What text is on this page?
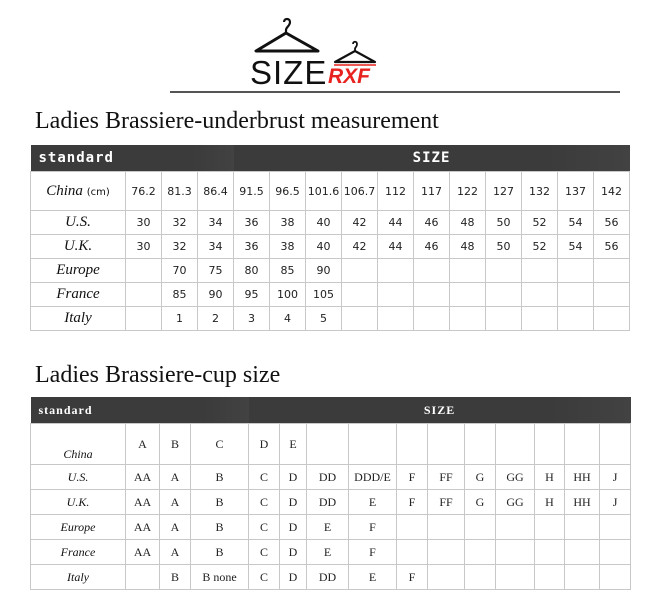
SIZE RXF
Ladies Brassiere-underbrust measurement
standard				SIZE										
China (cm)	76.2	81.3	86.4	91.5	96.5	101.6	106.7	112	117	122	127	132	137	142
U.S.	30	32	34	36	38	40	42	44	46	48	50	52	54	56
U.K.	30	32	34	36	38	40	42	44	46	48	50	52	54	56
Europe		70	75	80	85	90								
France		85	90	95	100	105								
Italy		1	2	3	4	5								
Ladies Brassiere-cup size
standard				SIZE										
China	A	B	C	D	E									
U.S.	AA	A	B	C	D	DD	DDD/E	F	FF	G	GG	H	HH	J
U.K.	AA	A	B	C	D	DD	E	F	FF	G	GG	H	HH	J
Europe	AA	A	B	C	D	E	F							
France	AA	A	B	C	D	E	F							
Italy		B	B none	C	D	DD	E	F						
